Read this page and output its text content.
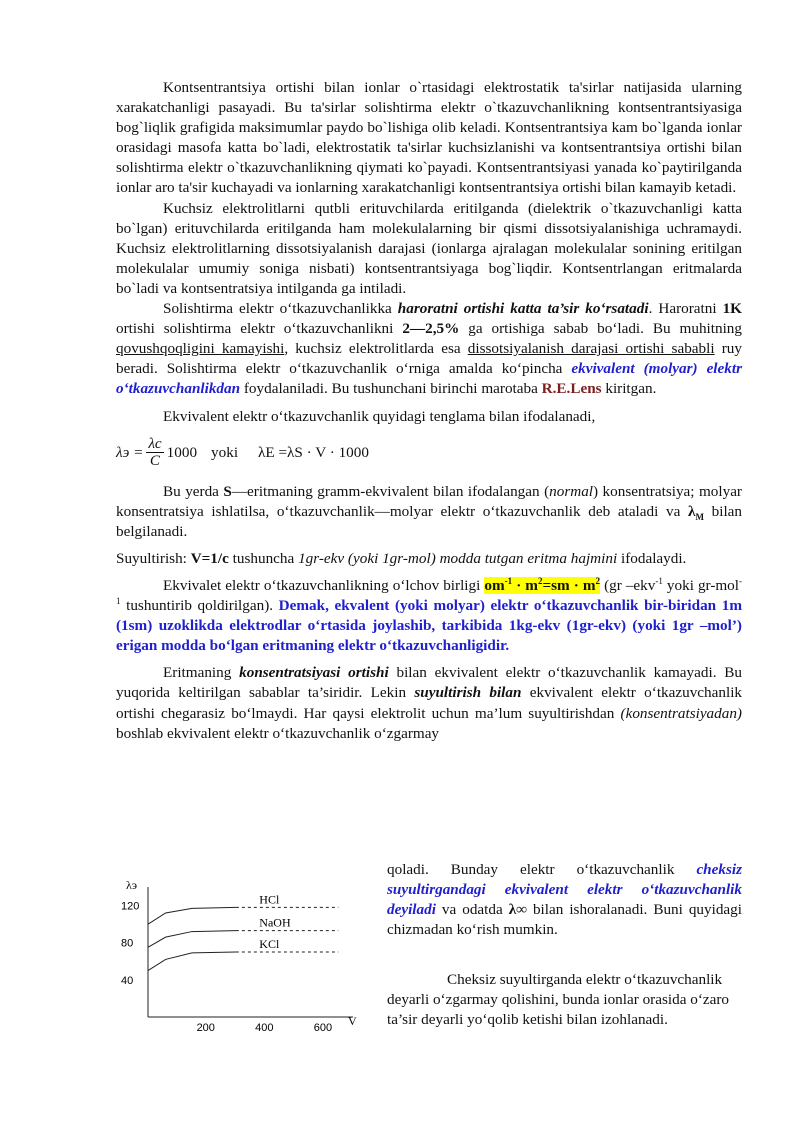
Kontsentrantsiya ortishi bilan ionlar o`rtasidagi elektrostatik ta'sirlar natijasida ularning xarakatchanligi pasayadi. Bu ta'sirlar solishtirma elektr o`tkazuvchanlikning kontsentrantsiyasiga bog`liqlik grafigida maksimumlar paydo bo`lishiga olib keladi. Kontsentrantsiya kam bo`lganda ionlar orasidagi masofa katta bo`ladi, elektrostatik ta'sirlar kuchsizlanishi va kontsentrantsiya ortishi bilan solishtirma elektr o`tkazuvchanlikning qiymati ko`payadi. Kontsentrantsiyasi yanada ko`paytirilganda ionlar aro ta'sir kuchayadi va ionlarning xarakatchanligi kontsentrantsiya ortishi bilan kamayib ketadi.

Kuchsiz elektrolitlarni qutbli erituvchilarda eritilganda (dielektrik o`tkazuvchanligi katta bo`lgan) erituvchilarda eritilganda ham molekulalarning bir qismi dissotsiyalanishiga uchramaydi. Kuchsiz elektrolitlarning dissotsiyalanish darajasi (ionlarga ajralagan molekulalar sonining eritilgan molekulalar umumiy soniga nisbati) kontsentrantsiyaga bog`liqdir. Kontsentrlangan eritmalarda bo`ladi va kontsentratsiya intilganda ga intiladi.

Solishtirma elektr o‘tkazuvchanlikka haroratni ortishi katta ta’sir ko‘rsatadi. Haroratni 1K ortishi solishtirma elektr o‘tkazuvchanlikni 2—2,5% ga ortishiga sabab bo‘ladi. Bu muhitning qovushqoqligini kamayishi, kuchsiz elektrolitlarda esa dissotsiyalanish darajasi ortishi sababli ruy beradi. Solishtirma elektr o‘tkazuvchanlik o‘rniga amalda ko‘pincha ekvivalent (molyar) elektr o‘tkazuvchanlikdan foydalaniladi. Bu tushunchani birinchi marotaba R.E.Lens kiritgan.

Ekvivalent elektr o‘tkazuvchanlik quyidagi tenglama bilan ifodalanadi,

$\lambda э = \frac{\lambda c}{C} 1000$ yoki λE =λS · V · 1000

Bu yerda S—eritmaning gramm-ekvivalent bilan ifodalangan (normal) konsentratsiya; molyar konsentratsiya ishlatilsa, o‘tkazuvchanlik—molyar elektr o‘tkazuvchanlik deb ataladi va $\lambda_M$ bilan belgilanadi.

Suyultirish: V=1/c tushuncha 1gr-ekv (yoki 1gr-mol) modda tutgan eritma hajmini ifodalaydi.

Ekvivalet elektr o‘tkazuvchanlikning o‘lchov birligi $om^{-1} \cdot m^2=sm \cdot m^2$ (gr –ekv$^{-1}$ yoki gr-mol$^{-1}$ tushuntirib qoldirilgan). Demak, ekvalent (yoki molyar) elektr o‘tkazuvchanlik bir-biridan 1m (1sm) uzoklikda elektrodlar o‘rtasida joylashib, tarkibida 1kg-ekv (1gr-ekv) (yoki 1gr –mol’) erigan modda bo‘lgan eritmaning elektr o‘tkazuvchanligidir.

Eritmaning konsentratsiyasi ortishi bilan ekvivalent elektr o‘tkazuvchanlik kamayadi. Bu yuqorida keltirilgan sabablar ta’siridir. Lekin suyultirish bilan ekvivalent elektr o‘tkazuvchanlik ortishi chegarasiz bo‘lmaydi. Har qaysi elektrolit uchun ma’lum suyultirishdan (konsentratsiyadan) boshlab ekvivalent elektr o‘tkazuvchanlik o‘zgarmay

qoladi. Bunday elektr o‘tkazuvchanlik cheksiz suyultirgandagi ekvivalent elektr o‘tkazuvchanlik deyiladi va odatda λ∞ bilan ishoralanadi. Buni quyidagi chizmadan ko‘rish mumkin.

Cheksiz suyultirganda elektr o‘tkazuvchanlik deyarli o‘zgarmay qolishini, bunda ionlar orasida o‘zaro ta’sir deyarli yo‘qolib ketishi bilan izohlanadi.

λэ
V
120
80
40
200	400	600
HCl
NaOH
KCl
